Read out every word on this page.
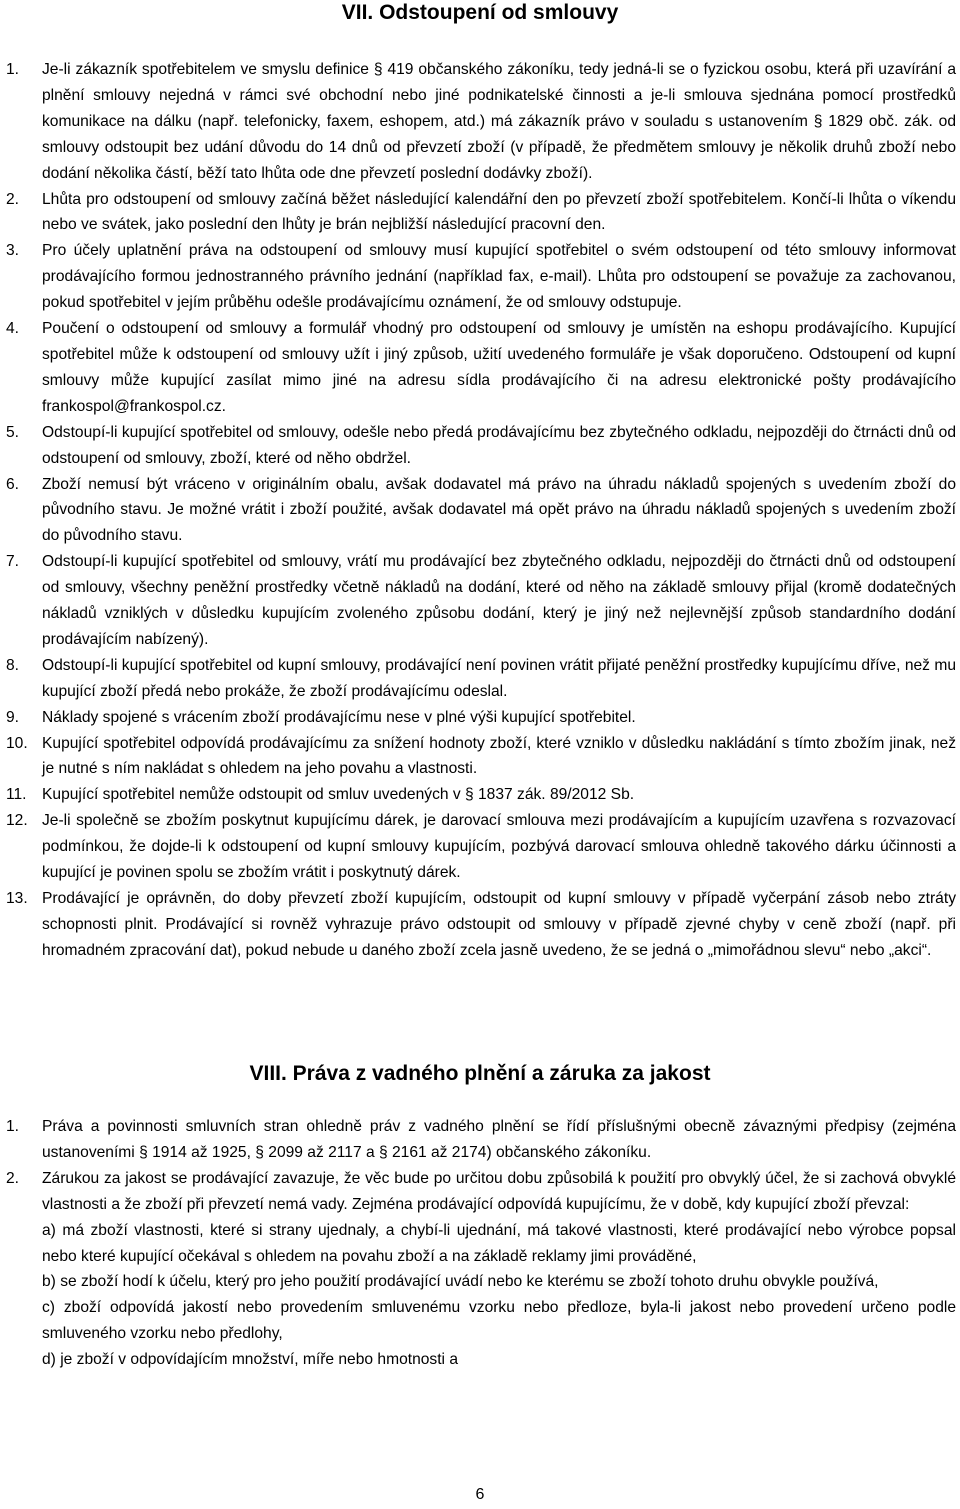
VII. Odstoupení od smlouvy
1.	Je-li zákazník spotřebitelem ve smyslu definice § 419 občanského zákoníku, tedy jedná-li se o fyzickou osobu, která při uzavírání a plnění smlouvy nejedná v rámci své obchodní nebo jiné podnikatelské činnosti a je-li smlouva sjednána pomocí prostředků komunikace na dálku (např. telefonicky, faxem, eshopem, atd.) má zákazník právo v souladu s ustanovením § 1829 obč. zák. od smlouvy odstoupit bez udání důvodu do 14 dnů od převzetí zboží (v případě, že předmětem smlouvy je několik druhů zboží nebo dodání několika částí, běží tato lhůta ode dne převzetí poslední dodávky zboží).
2.	Lhůta pro odstoupení od smlouvy začíná běžet následující kalendářní den po převzetí zboží spotřebitelem. Končí-li lhůta o víkendu nebo ve svátek, jako poslední den lhůty je brán nejbližší následující pracovní den.
3.	Pro účely uplatnění práva na odstoupení od smlouvy musí kupující spotřebitel o svém odstoupení od této smlouvy informovat prodávajícího formou jednostranného právního jednání (například fax, e-mail). Lhůta pro odstoupení se považuje za zachovanou, pokud spotřebitel v jejím průběhu odešle prodávajícímu oznámení, že od smlouvy odstupuje.
4.	Poučení o odstoupení od smlouvy a formulář vhodný pro odstoupení od smlouvy je umístěn na eshopu prodávajícího. Kupující spotřebitel může k odstoupení od smlouvy užít i jiný způsob, užití uvedeného formuláře je však doporučeno. Odstoupení od kupní smlouvy může kupující zasílat mimo jiné na adresu sídla prodávajícího či na adresu elektronické pošty prodávajícího frankospol@frankospol.cz.
5.	Odstoupí-li kupující spotřebitel od smlouvy, odešle nebo předá prodávajícímu bez zbytečného odkladu, nejpozději do čtrnácti dnů od odstoupení od smlouvy, zboží, které od něho obdržel.
6.	Zboží nemusí být vráceno v originálním obalu, avšak dodavatel má právo na úhradu nákladů spojených s uvedením zboží do původního stavu. Je možné vrátit i zboží použité, avšak dodavatel má opět právo na úhradu nákladů spojených s uvedením zboží do původního stavu.
7.	Odstoupí-li kupující spotřebitel od smlouvy, vrátí mu prodávající bez zbytečného odkladu, nejpozději do čtrnácti dnů od odstoupení od smlouvy, všechny peněžní prostředky včetně nákladů na dodání, které od něho na základě smlouvy přijal (kromě dodatečných nákladů vzniklých v důsledku kupujícím zvoleného způsobu dodání, který je jiný než nejlevnější způsob standardního dodání prodávajícím nabízený).
8.	Odstoupí-li kupující spotřebitel od kupní smlouvy, prodávající není povinen vrátit přijaté peněžní prostředky kupujícímu dříve, než mu kupující zboží předá nebo prokáže, že zboží prodávajícímu odeslal.
9.	Náklady spojené s vrácením zboží prodávajícímu nese v plné výši kupující spotřebitel.
10. Kupující spotřebitel odpovídá prodávajícímu za snížení hodnoty zboží, které vzniklo v důsledku nakládání s tímto zbožím jinak, než je nutné s ním nakládat s ohledem na jeho povahu a vlastnosti.
11. Kupující spotřebitel nemůže odstoupit od smluv uvedených v § 1837 zák. 89/2012 Sb.
12. Je-li společně se zbožím poskytnut kupujícímu dárek, je darovací smlouva mezi prodávajícím a kupujícím uzavřena s rozvazovací podmínkou, že dojde-li k odstoupení od kupní smlouvy kupujícím, pozbývá darovací smlouva ohledně takového dárku účinnosti a kupující je povinen spolu se zbožím vrátit i poskytnutý dárek.
13. Prodávající je oprávněn, do doby převzetí zboží kupujícím, odstoupit od kupní smlouvy v případě vyčerpání zásob nebo ztráty schopnosti plnit. Prodávající si rovněž vyhrazuje právo odstoupit od smlouvy v případě zjevné chyby v ceně zboží (např. při hromadném zpracování dat), pokud nebude u daného zboží zcela jasně uvedeno, že se jedná o „mimořádnou slevu“ nebo „akci“.
VIII. Práva z vadného plnění a záruka za jakost
1.	Práva a povinnosti smluvních stran ohledně práv z vadného plnění se řídí příslušnými obecně závaznými předpisy (zejména ustanoveními § 1914 až 1925, § 2099 až 2117 a § 2161 až 2174) občanského zákoníku.
2.	Zárukou za jakost se prodávající zavazuje, že věc bude po určitou dobu způsobilá k použití pro obvyklý účel, že si zachová obvyklé vlastnosti a že zboží při převzetí nemá vady. Zejména prodávající odpovídá kupujícímu, že v době, kdy kupující zboží převzal:
a) má zboží vlastnosti, které si strany ujednaly, a chybí-li ujednání, má takové vlastnosti, které prodávající nebo výrobce popsal nebo které kupující očekával s ohledem na povahu zboží a na základě reklamy jimi prováděné,
b) se zboží hodí k účelu, který pro jeho použití prodávající uvádí nebo ke kterému se zboží tohoto druhu obvykle používá,
c) zboží odpovídá jakostí nebo provedením smluvenému vzorku nebo předloze, byla-li jakost nebo provedení určeno podle smluveného vzorku nebo předlohy,
d) je zboží v odpovídajícím množství, míře nebo hmotnosti a
6
